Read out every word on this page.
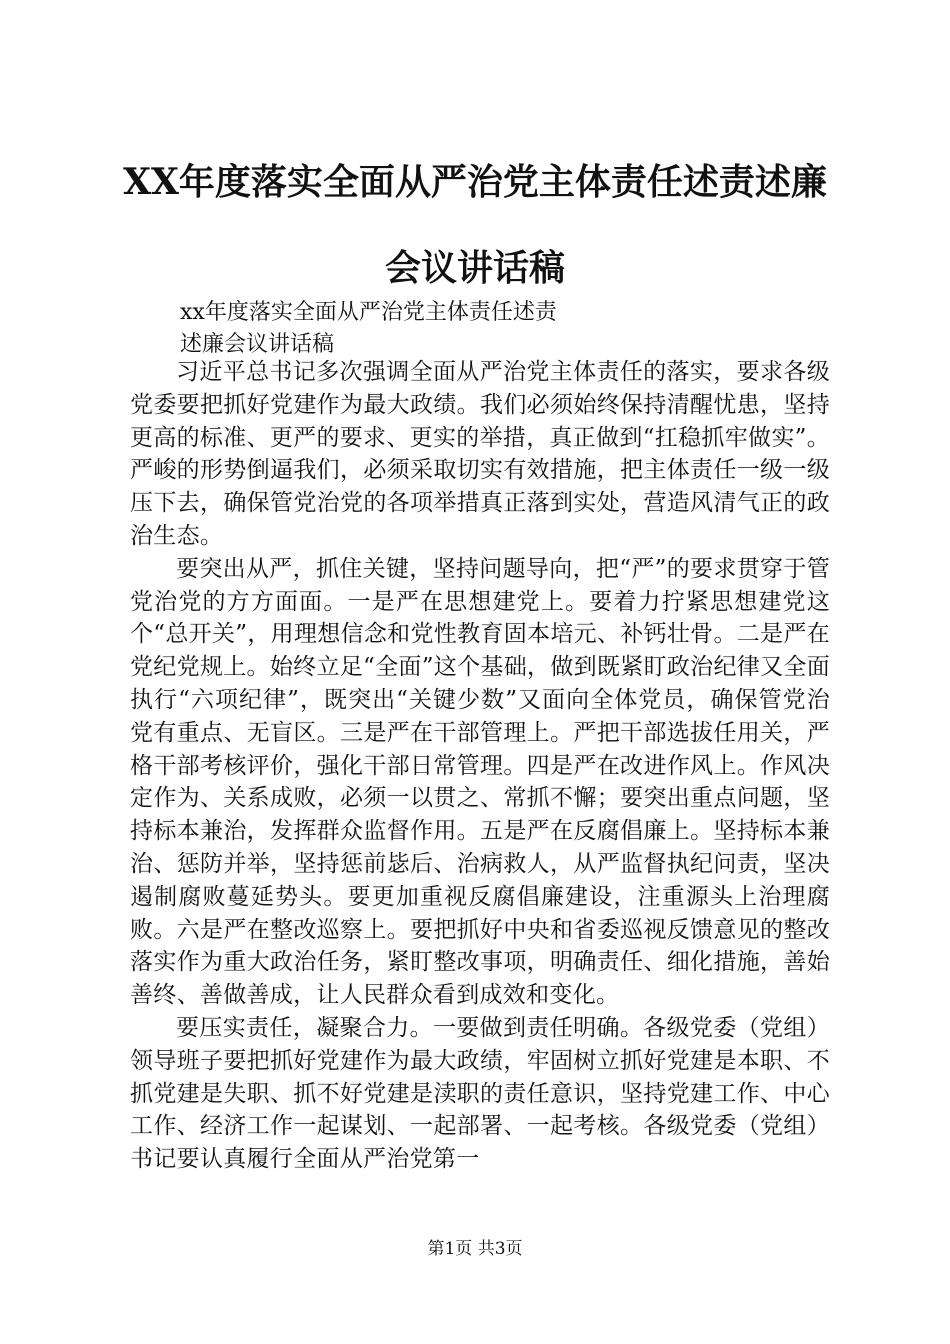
XX年度落实全面从严治党主体责任述责述廉
会议讲话稿
xx年度落实全面从严治党主体责任述责
述廉会议讲话稿

习近平总书记多次强调全面从严治党主体责任的落实，要求各级党委要把抓好党建作为最大政绩。我们必须始终保持清醒忧患，坚持更高的标准、更严的要求、更实的举措，真正做到“扛稳抓牢做实”。严峻的形势倒逼我们，必须采取切实有效措施，把主体责任一级一级压下去，确保管党治党的各项举措真正落到实处，营造风清气正的政治生态。

要突出从严，抓住关键，坚持问题导向，把“严”的要求贯穿于管党治党的方方面面。一是严在思想建党上。要着力拧紧思想建党这个“总开关”，用理想信念和党性教育固本培元、补钙壮骨。二是严在党纪党规上。始终立足“全面”这个基础，做到既紧盯政治纪律又全面执行“六项纪律”，既突出“关键少数”又面向全体党员，确保管党治党有重点、无盲区。三是严在干部管理上。严把干部选拔任用关，严格干部考核评价，强化干部日常管理。四是严在改进作风上。作风决定作为、关系成败，必须一以贯之、常抓不懈；要突出重点问题，坚持标本兼治，发挥群众监督作用。五是严在反腐倡廉上。坚持标本兼治、惩防并举，坚持惩前毖后、治病救人，从严监督执纪问责，坚决遏制腐败蔓延势头。要更加重视反腐倡廉建设，注重源头上治理腐败。六是严在整改巡察上。要把抓好中央和省委巡视反馈意见的整改落实作为重大政治任务，紧盯整改事项，明确责任、细化措施，善始善终、善做善成，让人民群众看到成效和变化。

要压实责任，凝聚合力。一要做到责任明确。各级党委（党组）领导班子要把抓好党建作为最大政绩，牢固树立抓好党建是本职、不抓党建是失职、抓不好党建是渎职的责任意识，坚持党建工作、中心工作、经济工作一起谋划、一起部署、一起考核。各级党委（党组）书记要认真履行全面从严治党第一

第1页 共3页
